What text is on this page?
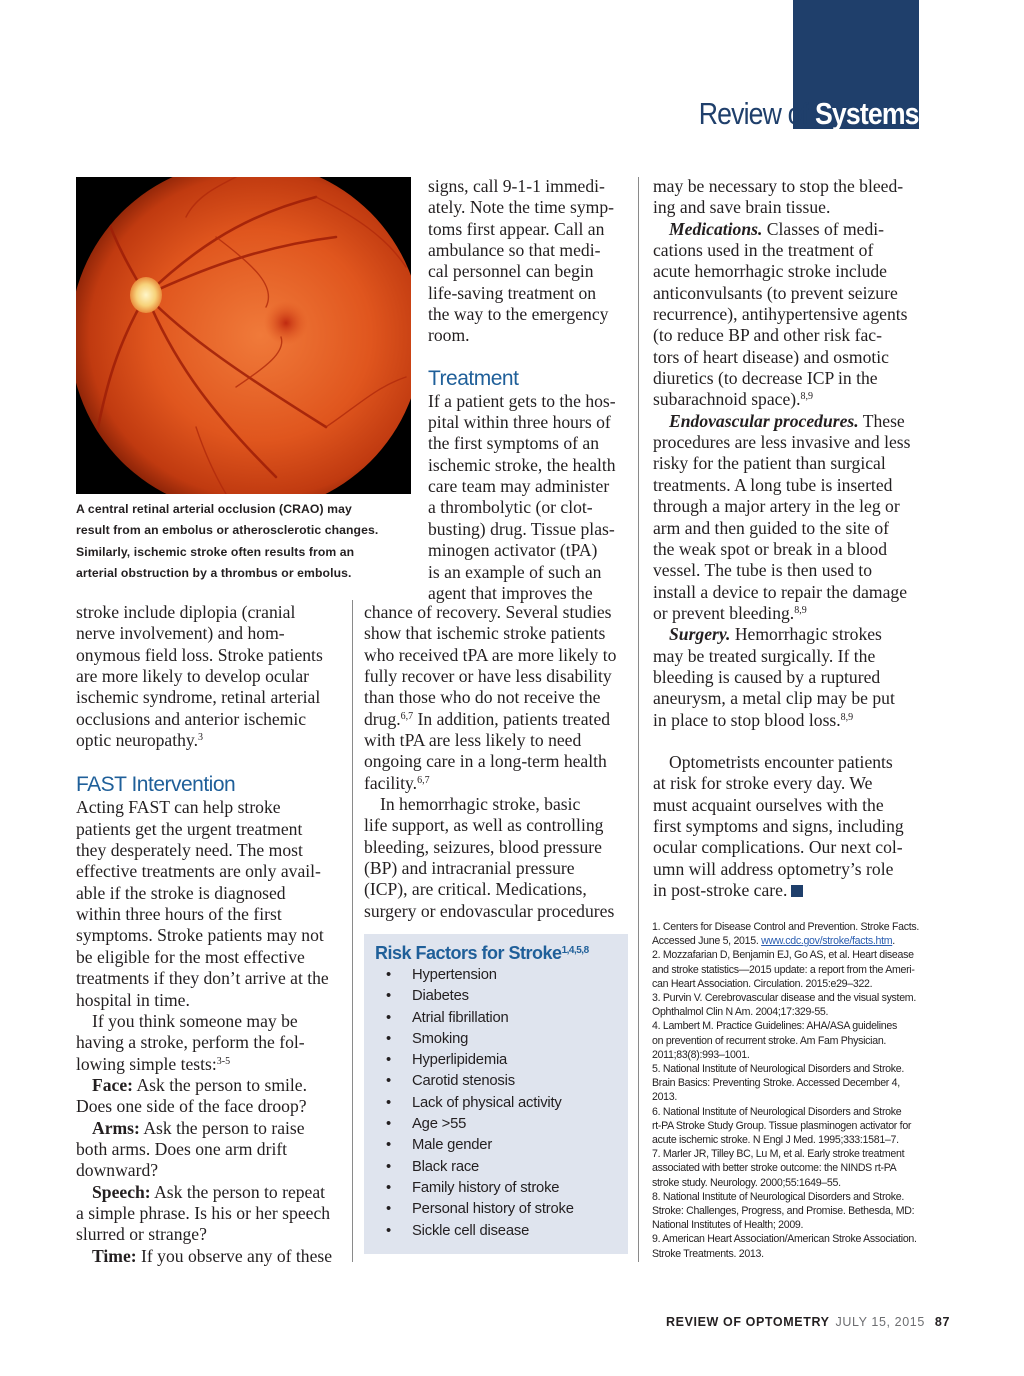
Review of Systems

A central retinal arterial occlusion (CRAO) may

result from an embolus or atherosclerotic changes.

Similarly, ischemic stroke often results from an

arterial obstruction by a thrombus or embolus.

stroke include diplopia (cranial

nerve involvement) and hom-

onymous field loss. Stroke patients

are more likely to develop ocular

ischemic syndrome, retinal arterial

occlusions and anterior ischemic

optic neuropathy.$^3$

FAST Intervention

Acting FAST can help stroke

patients get the urgent treatment

they desperately need. The most

effective treatments are only avail-

able if the stroke is diagnosed

within three hours of the first

symptoms. Stroke patients may not

be eligible for the most effective

treatments if they don’t arrive at the

hospital in time.

If you think someone may be

having a stroke, perform the fol-

lowing simple tests:$^{3-5}$

Face: Ask the person to smile.

Does one side of the face droop?

Arms: Ask the person to raise

both arms. Does one arm drift

downward?

Speech: Ask the person to repeat

a simple phrase. Is his or her speech

slurred or strange?

Time: If you observe any of these

signs, call 9-1-1 immedi-

ately. Note the time symp-

toms first appear. Call an

ambulance so that medi-

cal personnel can begin

life-saving treatment on

the way to the emergency

room.

Treatment

If a patient gets to the hos-

pital within three hours of

the first symptoms of an

ischemic stroke, the health

care team may administer

a thrombolytic (or clot-

busting) drug. Tissue plas-

minogen activator (tPA)

is an example of such an

agent that improves the

chance of recovery. Several studies

show that ischemic stroke patients

who received tPA are more likely to

fully recover or have less disability

than those who do not receive the

drug.$^{6,7}$ In addition, patients treated

with tPA are less likely to need

ongoing care in a long-term health

facility.$^{6,7}$

In hemorrhagic stroke, basic

life support, as well as controlling

bleeding, seizures, blood pressure

(BP) and intracranial pressure

(ICP), are critical. Medications,

surgery or endovascular procedures

Risk Factors for Stroke$^{1,4,5,8}$

• Hypertension
• Diabetes
• Atrial fibrillation
• Smoking
• Hyperlipidemia
• Carotid stenosis
• Lack of physical activity
• Age >55
• Male gender
• Black race
• Family history of stroke
• Personal history of stroke
• Sickle cell disease

may be necessary to stop the bleed-

ing and save brain tissue.

Medications. Classes of medi-

cations used in the treatment of

acute hemorrhagic stroke include

anticonvulsants (to prevent seizure

recurrence), antihypertensive agents

(to reduce BP and other risk fac-

tors of heart disease) and osmotic

diuretics (to decrease ICP in the

subarachnoid space).$^{8,9}$

Endovascular procedures. These

procedures are less invasive and less

risky for the patient than surgical

treatments. A long tube is inserted

through a major artery in the leg or

arm and then guided to the site of

the weak spot or break in a blood

vessel. The tube is then used to

install a device to repair the damage

or prevent bleeding.$^{8,9}$

Surgery. Hemorrhagic strokes

may be treated surgically. If the

bleeding is caused by a ruptured

aneurysm, a metal clip may be put

in place to stop blood loss.$^{8,9}$

Optometrists encounter patients

at risk for stroke every day. We

must acquaint ourselves with the

first symptoms and signs, including

ocular complications. Our next col-

umn will address optometry’s role

in post-stroke care.

1. Centers for Disease Control and Prevention. Stroke Facts.

Accessed June 5, 2015. www.cdc.gov/stroke/facts.htm.

2. Mozzafarian D, Benjamin EJ, Go AS, et al. Heart disease

and stroke statistics—2015 update: a report from the Ameri-

can Heart Association. Circulation. 2015:e29–322.

3. Purvin V. Cerebrovascular disease and the visual system.

Ophthalmol Clin N Am. 2004;17:329-55.

4. Lambert M. Practice Guidelines: AHA/ASA guidelines

on prevention of recurrent stroke. Am Fam Physician.

2011;83(8):993–1001.

5. National Institute of Neurological Disorders and Stroke.

Brain Basics: Preventing Stroke. Accessed December 4,

2013.

6. National Institute of Neurological Disorders and Stroke

rt-PA Stroke Study Group. Tissue plasminogen activator for

acute ischemic stroke. N Engl J Med. 1995;333:1581–7.

7. Marler JR, Tilley BC, Lu M, et al. Early stroke treatment

associated with better stroke outcome: the NINDS rt-PA

stroke study. Neurology. 2000;55:1649–55.

8. National Institute of Neurological Disorders and Stroke.

Stroke: Challenges, Progress, and Promise. Bethesda, MD:

National Institutes of Health; 2009.

9. American Heart Association/American Stroke Association.

Stroke Treatments. 2013.

REVIEW OF OPTOMETRY JULY 15, 2015 87
